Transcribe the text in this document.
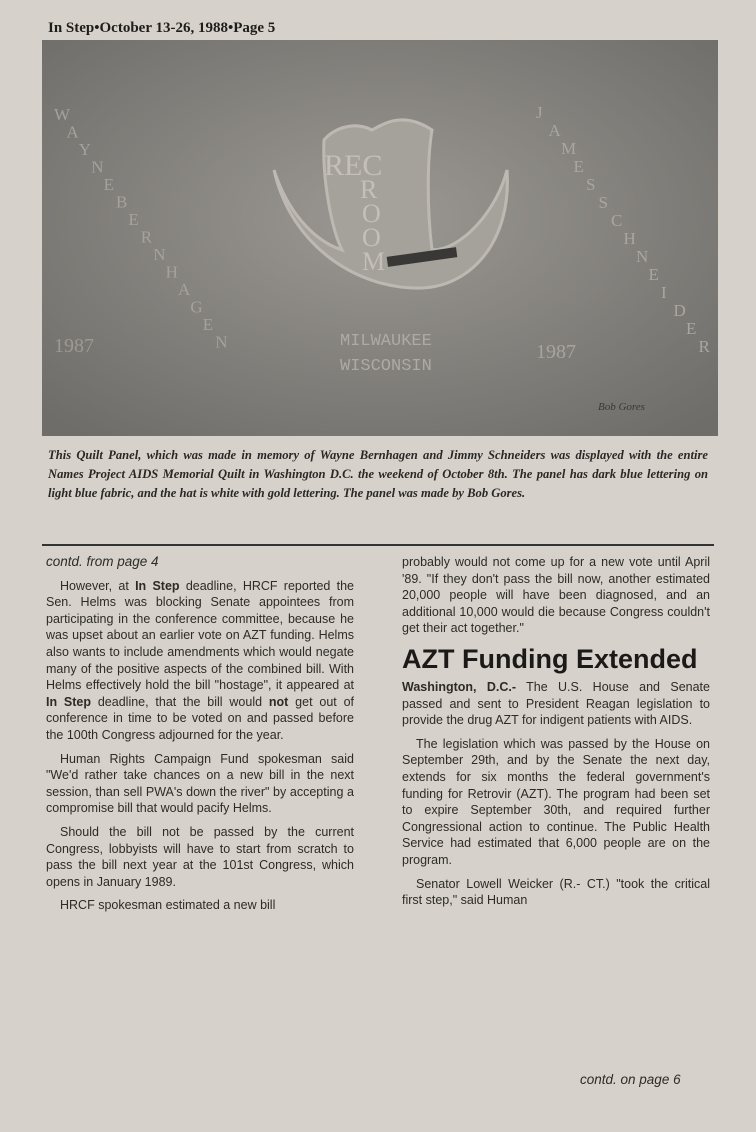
In Step•October 13-26, 1988•Page 5
REC
R
O
O
M
W
A
Y
N
E
B
E
R
N
H
A
G
E
N
J
A
M
E
S
S
C
H
N
E
I
D
E
R
MILWAUKEE
WISCONSIN
1987	1987
Bob Gores
This Quilt Panel, which was made in memory of Wayne Bernhagen and Jimmy Schneiders was displayed with the entire Names Project AIDS Memorial Quilt in Washington D.C. the weekend of October 8th. The panel has dark blue lettering on light blue fabric, and the hat is white with gold lettering. The panel was made by Bob Gores.

contd. from page 4

However, at In Step deadline, HRCF reported the Sen. Helms was blocking Senate appointees from participating in the conference committee, because he was upset about an earlier vote on AZT funding. Helms also wants to include amendments which would negate many of the positive aspects of the combined bill. With Helms effectively hold the bill "hostage", it appeared at In Step deadline, that the bill would not get out of conference in time to be voted on and passed before the 100th Congress adjourned for the year.

Human Rights Campaign Fund spokesman said "We'd rather take chances on a new bill in the next session, than sell PWA's down the river" by accepting a compromise bill that would pacify Helms.

Should the bill not be passed by the current Congress, lobbyists will have to start from scratch to pass the bill next year at the 101st Congress, which opens in January 1989.

HRCF spokesman estimated a new bill

probably would not come up for a new vote until April '89. "If they don't pass the bill now, another estimated 20,000 people will have been diagnosed, and an additional 10,000 would die because Congress couldn't get their act together."

AZT Funding Extended

Washington, D.C.- The U.S. House and Senate passed and sent to President Reagan legislation to provide the drug AZT for indigent patients with AIDS.

The legislation which was passed by the House on September 29th, and by the Senate the next day, extends for six months the federal government's funding for Retrovir (AZT). The program had been set to expire September 30th, and required further Congressional action to continue. The Public Health Service had estimated that 6,000 people are on the program.

Senator Lowell Weicker (R.- CT.) "took the critical first step," said Human

contd. on page 6
